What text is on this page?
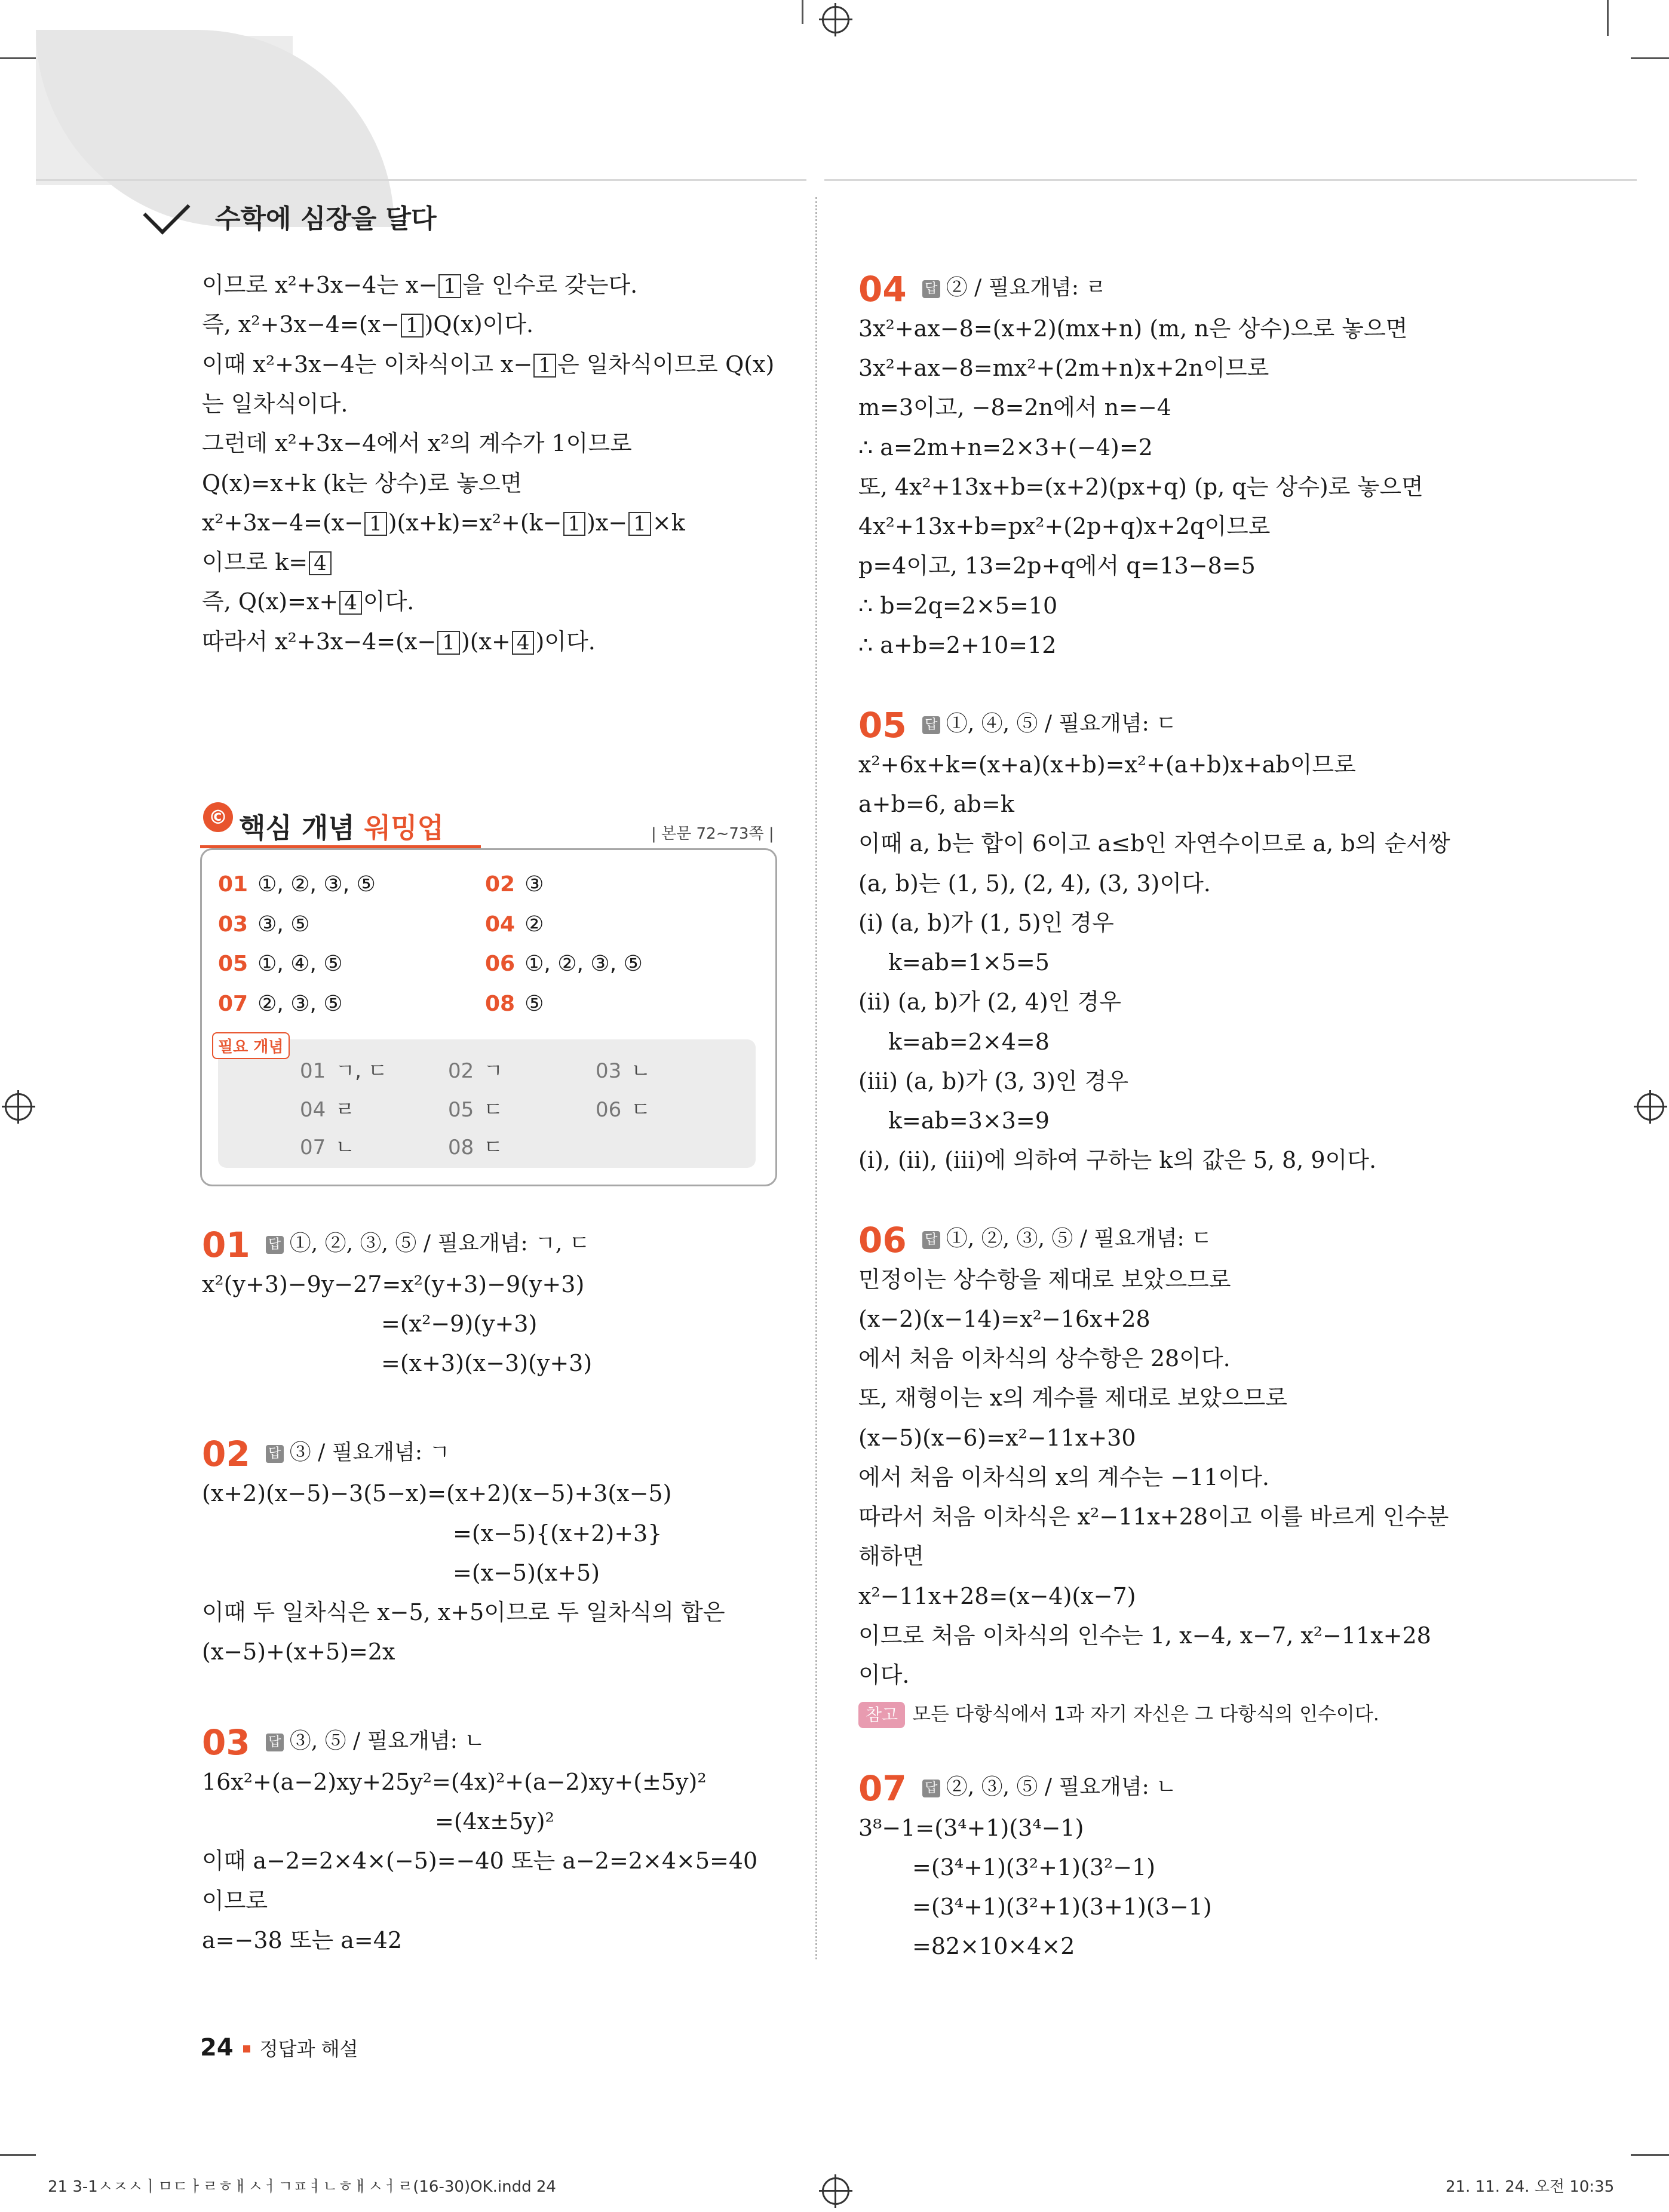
수학에 심장을 달다
이므로 x²+3x−4는 x− 1 을 인수로 갖는다.
즉, x²+3x−4=(x− 1 )Q(x)이다.
이때 x²+3x−4는 이차식이고 x− 1 은 일차식이므로 Q(x)
는 일차식이다.
그런데 x²+3x−4에서 x²의 계수가 1이므로
Q(x)=x+k (k는 상수)로 놓으면
x²+3x−4=(x− 1 )(x+k)=x²+(k− 1 )x− 1 ×k
이므로 k= 4
즉, Q(x)=x+ 4 이다.
따라서 x²+3x−4=(x− 1 )(x+ 4 )이다.
© 핵심 개념 워밍업	| 본문 72~73쪽 |
01 ①, ②, ③, ⑤	02 ③
03 ③, ⑤	04 ②
05 ①, ④, ⑤	06 ①, ②, ③, ⑤
07 ②, ③, ⑤	08 ⑤
필요 개념
01 ㄱ, ㄷ	02 ㄱ	03 ㄴ
04 ㄹ	05 ㄷ	06 ㄷ
07 ㄴ	08 ㄷ
01 답 ①, ②, ③, ⑤ / 필요개념: ㄱ, ㄷ
x²(y+3)−9y−27=x²(y+3)−9(y+3)
=(x²−9)(y+3)
=(x+3)(x−3)(y+3)
02 답 ③ / 필요개념: ㄱ
(x+2)(x−5)−3(5−x)=(x+2)(x−5)+3(x−5)
=(x−5){(x+2)+3}
=(x−5)(x+5)
이때 두 일차식은 x−5, x+5이므로 두 일차식의 합은
(x−5)+(x+5)=2x
03 답 ③, ⑤ / 필요개념: ㄴ
16x²+(a−2)xy+25y²=(4x)²+(a−2)xy+(±5y)²
=(4x±5y)²
이때 a−2=2×4×(−5)=−40 또는 a−2=2×4×5=40
이므로
a=−38 또는 a=42
04 답 ② / 필요개념: ㄹ
3x²+ax−8=(x+2)(mx+n) (m, n은 상수)으로 놓으면
3x²+ax−8=mx²+(2m+n)x+2n이므로
m=3이고, −8=2n에서 n=−4
∴ a=2m+n=2×3+(−4)=2
또, 4x²+13x+b=(x+2)(px+q) (p, q는 상수)로 놓으면
4x²+13x+b=px²+(2p+q)x+2q이므로
p=4이고, 13=2p+q에서 q=13−8=5
∴ b=2q=2×5=10
∴ a+b=2+10=12
05 답 ①, ④, ⑤ / 필요개념: ㄷ
x²+6x+k=(x+a)(x+b)=x²+(a+b)x+ab이므로
a+b=6, ab=k
이때 a, b는 합이 6이고 a≤b인 자연수이므로 a, b의 순서쌍
(a, b)는 (1, 5), (2, 4), (3, 3)이다.
(ⅰ) (a, b)가 (1, 5)인 경우
k=ab=1×5=5
(ⅱ) (a, b)가 (2, 4)인 경우
k=ab=2×4=8
(ⅲ) (a, b)가 (3, 3)인 경우
k=ab=3×3=9
(ⅰ), (ⅱ), (ⅲ)에 의하여 구하는 k의 값은 5, 8, 9이다.
06 답 ①, ②, ③, ⑤ / 필요개념: ㄷ
민정이는 상수항을 제대로 보았으므로
(x−2)(x−14)=x²−16x+28
에서 처음 이차식의 상수항은 28이다.
또, 재형이는 x의 계수를 제대로 보았으므로
(x−5)(x−6)=x²−11x+30
에서 처음 이차식의 x의 계수는 −11이다.
따라서 처음 이차식은 x²−11x+28이고 이를 바르게 인수분
해하면
x²−11x+28=(x−4)(x−7)
이므로 처음 이차식의 인수는 1, x−4, x−7, x²−11x+28
이다.
참고 모든 다항식에서 1과 자기 자신은 그 다항식의 인수이다.
07 답 ②, ③, ⑤ / 필요개념: ㄴ
3⁸−1=(3⁴+1)(3⁴−1)
=(3⁴+1)(3²+1)(3²−1)
=(3⁴+1)(3²+1)(3+1)(3−1)
=82×10×4×2
24 정답과 해설
21 3-1ㅅㅈㅅㅣㅁㄷㅏㄹㅎㅐㅅㅓㄱㅍㅕㄴㅎㅐㅅㅓㄹ(16-30)OK.indd 24	21. 11. 24. 오전 10:35
